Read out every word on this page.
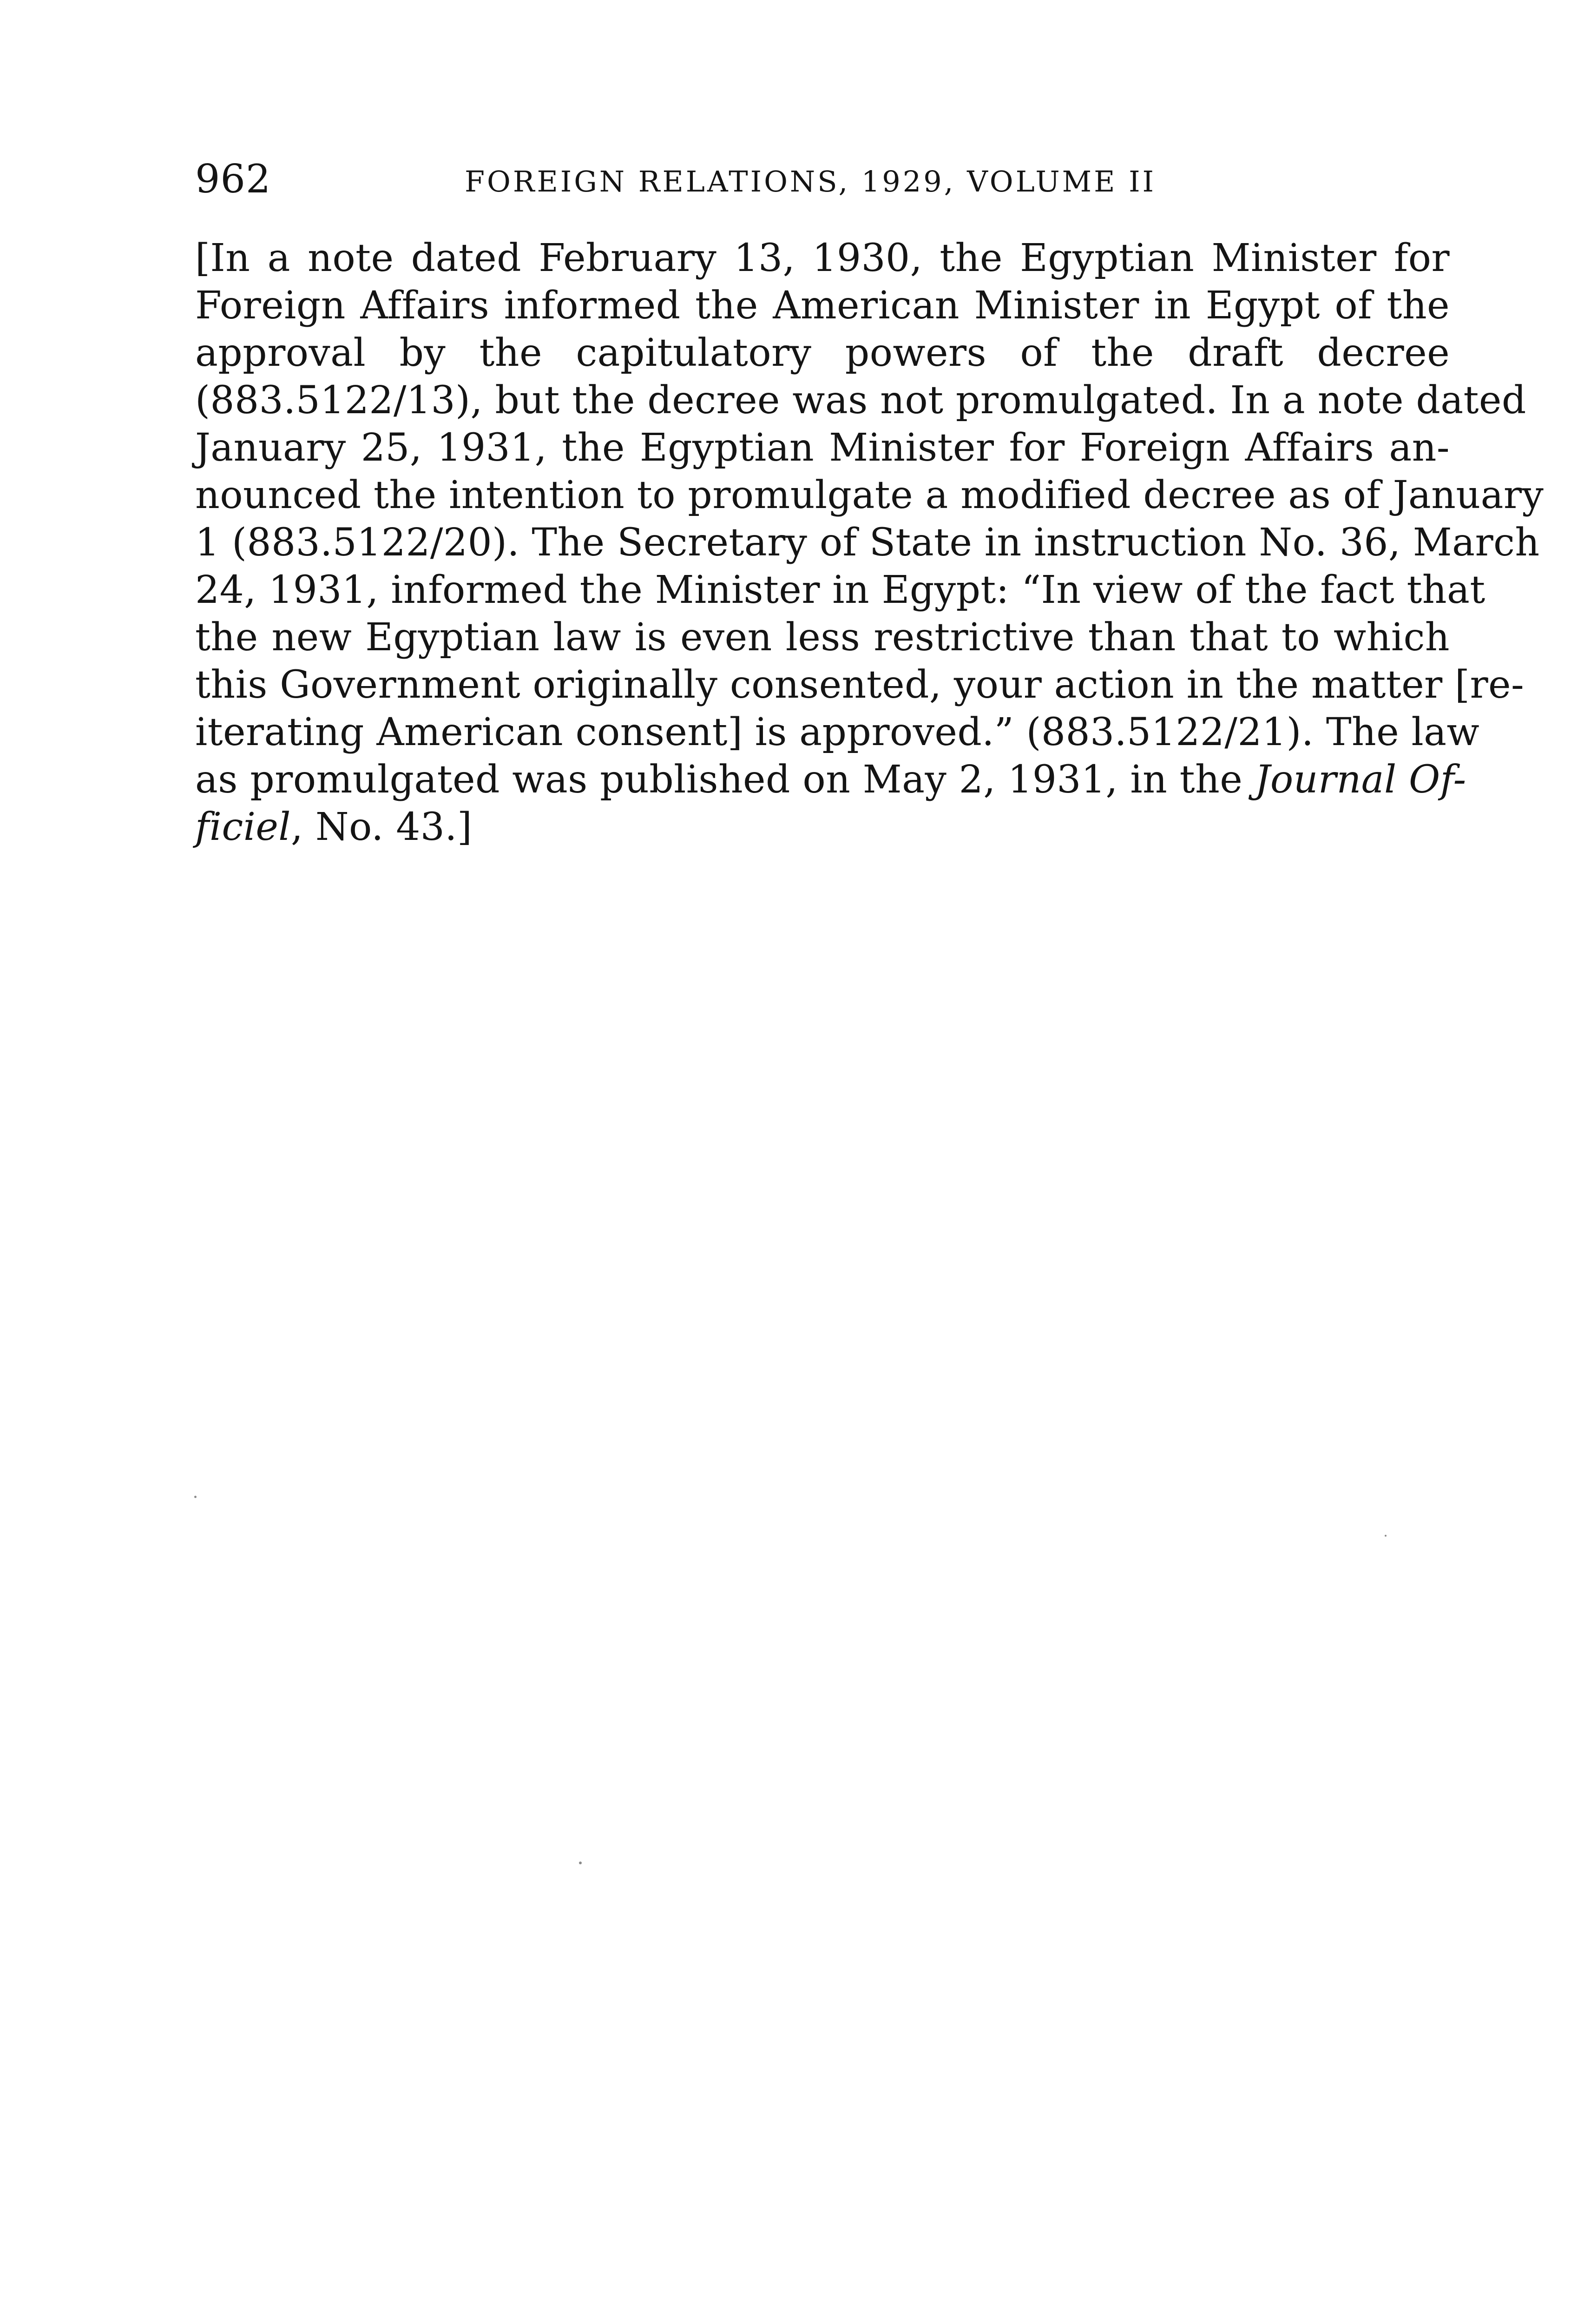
962	FOREIGN RELATIONS, 1929, VOLUME II
[In a note dated February 13, 1930, the Egyptian Minister for
Foreign Affairs informed the American Minister in Egypt of the
approval by the capitulatory powers of the draft decree
(883.5122/13), but the decree was not promulgated. In a note dated
January 25, 1931, the Egyptian Minister for Foreign Affairs an-
nounced the intention to promulgate a modified decree as of January
1 (883.5122/20). The Secretary of State in instruction No. 36, March
24, 1931, informed the Minister in Egypt: “In view of the fact that
the new Egyptian law is even less restrictive than that to which
this Government originally consented, your action in the matter [re-
iterating American consent] is approved.” (883.5122/21). The law
as promulgated was published on May 2, 1931, in the Journal Of-
ficiel, No. 43.]
